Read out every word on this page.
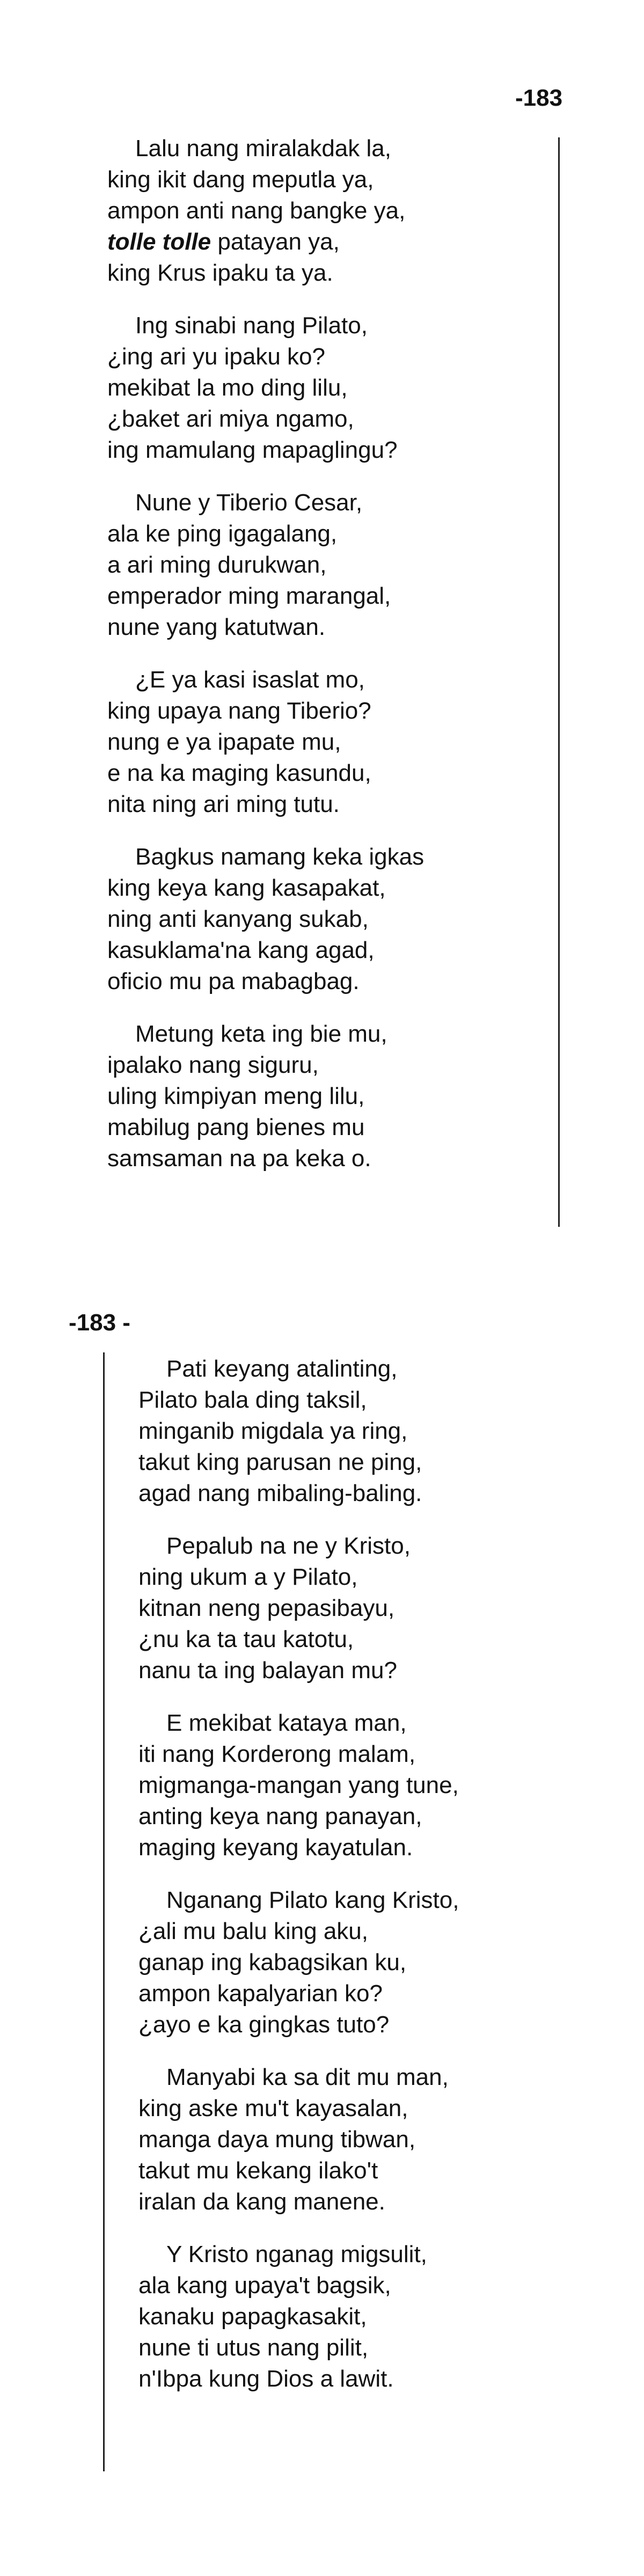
-183
Lalu nang miralakdak la,
king ikit dang meputla ya,
ampon anti nang bangke ya,
tolle tolle patayan ya,
king Krus ipaku ta ya.
Ing sinabi nang Pilato,
¿ing ari yu ipaku ko?
mekibat la mo ding lilu,
¿baket ari miya ngamo,
ing mamulang mapaglingu?
Nune y Tiberio Cesar,
ala ke ping igagalang,
a ari ming durukwan,
emperador ming marangal,
nune yang katutwan.
¿E ya kasi isaslat mo,
king upaya nang Tiberio?
nung e ya ipapate mu,
e na ka maging kasundu,
nita ning ari ming tutu.
Bagkus namang keka igkas
king keya kang kasapakat,
ning anti kanyang sukab,
kasuklama'na kang agad,
oficio mu pa mabagbag.
Metung keta ing bie mu,
ipalako nang siguru,
uling kimpiyan meng lilu,
mabilug pang bienes mu
samsaman na pa keka o.
-183 -
Pati keyang atalinting,
Pilato bala ding taksil,
minganib migdala ya ring,
takut king parusan ne ping,
agad nang mibaling-baling.
Pepalub na ne y Kristo,
ning ukum a y Pilato,
kitnan neng pepasibayu,
¿nu ka ta tau katotu,
nanu ta ing balayan mu?
E mekibat kataya man,
iti nang Korderong malam,
migmanga-mangan yang tune,
anting keya nang panayan,
maging keyang kayatulan.
Nganang Pilato kang Kristo,
¿ali mu balu king aku,
ganap ing kabagsikan ku,
ampon kapalyarian ko?
¿ayo e ka gingkas tuto?
Manyabi ka sa dit mu man,
king aske mu't kayasalan,
manga daya mung tibwan,
takut mu kekang ilako't
iralan da kang manene.
Y Kristo nganag migsulit,
ala kang upaya't bagsik,
kanaku papagkasakit,
nune ti utus nang pilit,
n'Ibpa kung Dios a lawit.
